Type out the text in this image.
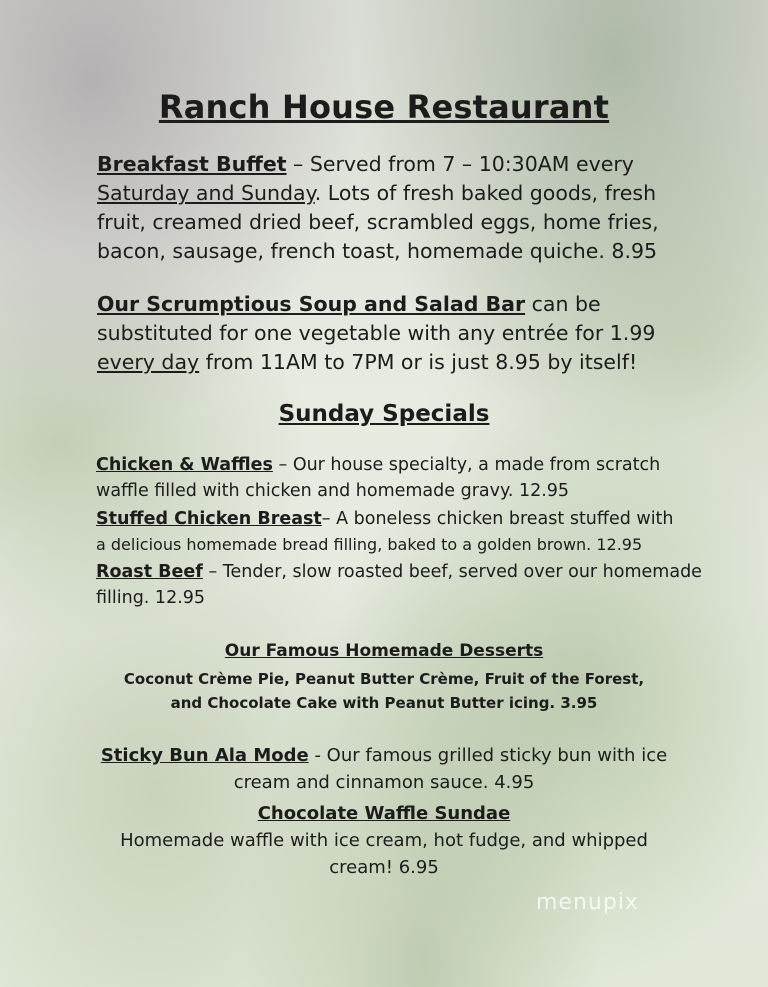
Ranch House Restaurant
Breakfast Buffet – Served from 7 – 10:30AM every Saturday and Sunday. Lots of fresh baked goods, fresh fruit, creamed dried beef, scrambled eggs, home fries, bacon, sausage, french toast, homemade quiche. 8.95
Our Scrumptious Soup and Salad Bar can be substituted for one vegetable with any entrée for 1.99 every day from 11AM to 7PM or is just 8.95 by itself!
Sunday Specials
Chicken & Waffles – Our house specialty, a made from scratch waffle filled with chicken and homemade gravy. 12.95
Stuffed Chicken Breast– A boneless chicken breast stuffed with
a delicious homemade bread filling, baked to a golden brown. 12.95
Roast Beef – Tender, slow roasted beef, served over our homemade filling. 12.95
Our Famous Homemade Desserts
Coconut Crème Pie, Peanut Butter Crème, Fruit of the Forest,
and Chocolate Cake with Peanut Butter icing. 3.95
Sticky Bun Ala Mode - Our famous grilled sticky bun with ice
cream and cinnamon sauce. 4.95
Chocolate Waffle Sundae
Homemade waffle with ice cream, hot fudge, and whipped
cream! 6.95
menupix
